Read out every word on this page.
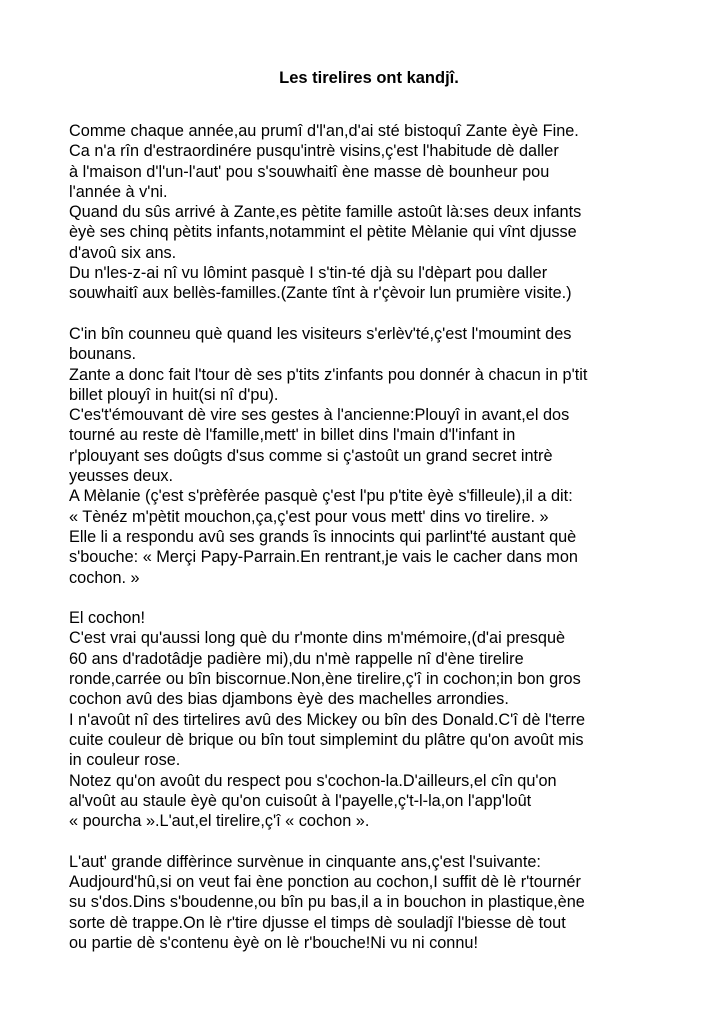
Les tirelires ont kandjî.
Comme chaque année,au prumî d'l'an,d'ai sté bistoquî Zante èyè Fine.
Ca n'a rîn d'estraordinére pusqu'intrè visins,ç'est l'habitude dè daller
à l'maison d'l'un-l'aut' pou s'souwhaitî ène masse dè bounheur pou
l'année à v'ni.
Quand du sûs arrivé à Zante,es pètite famille astoût là:ses deux infants
èyè ses chinq pètits infants,notammint el pètite Mèlanie qui vînt djusse
d'avoû six ans.
Du n'les-z-ai nî vu lômint pasquè I s'tin-té djà su l'dèpart pou daller
souwhaitî aux bellès-familles.(Zante tînt à r'çèvoir lun prumière visite.)
C'in bîn counneu què quand les visiteurs s'erlèv'té,ç'est l'moumint des
bounans.
Zante a donc fait l'tour dè ses p'tits z'infants pou donnér à chacun in p'tit
billet plouyî in huit(si nî d'pu).
C'es't'émouvant dè vire ses gestes à l'ancienne:Plouyî in avant,el dos
tourné au reste dè l'famille,mett' in billet dins l'main d'l'infant in
r'plouyant ses doûgts d'sus comme si ç'astoût un grand secret intrè
yeusses deux.
A Mèlanie (ç'est s'prèfèrée pasquè ç'est l'pu p'tite èyè s'filleule),il a dit:
« Tènéz m'pètit mouchon,ça,ç'est pour vous mett' dins vo tirelire. »
Elle li a respondu avû ses grands îs innocints qui parlint'té austant què
s'bouche: « Merçi Papy-Parrain.En rentrant,je vais le cacher dans mon
cochon. »
El cochon!
C'est vrai qu'aussi long què du r'monte dins m'mémoire,(d'ai presquè
60 ans d'radotâdje padière mi),du n'mè rappelle nî d'ène tirelire
ronde,carrée ou bîn biscornue.Non,ène tirelire,ç'î in cochon;in bon gros
cochon avû des bias djambons èyè des machelles arrondies.
I n'avoût nî des tirtelires avû des Mickey ou bîn des Donald.C'î dè l'terre
cuite couleur dè brique ou bîn tout simplemint du plâtre qu'on avoût mis
in couleur rose.
Notez qu'on avoût du respect pou s'cochon-la.D'ailleurs,el cîn qu'on
al'voût au staule èyè qu'on cuisoût à l'payelle,ç't-l-la,on l'app'loût
« pourcha ».L'aut,el tirelire,ç'î « cochon ».
L'aut' grande diffèrince survènue in cinquante ans,ç'est l'suivante:
Audjourd'hû,si on veut fai ène ponction au cochon,I suffit dè lè r'tournér
su s'dos.Dins s'boudenne,ou bîn pu bas,il a in bouchon in plastique,ène
sorte dè trappe.On lè r'tire djusse el timps dè souladjî l'biesse dè tout
ou partie dè s'contenu èyè on lè r'bouche!Ni vu ni connu!
